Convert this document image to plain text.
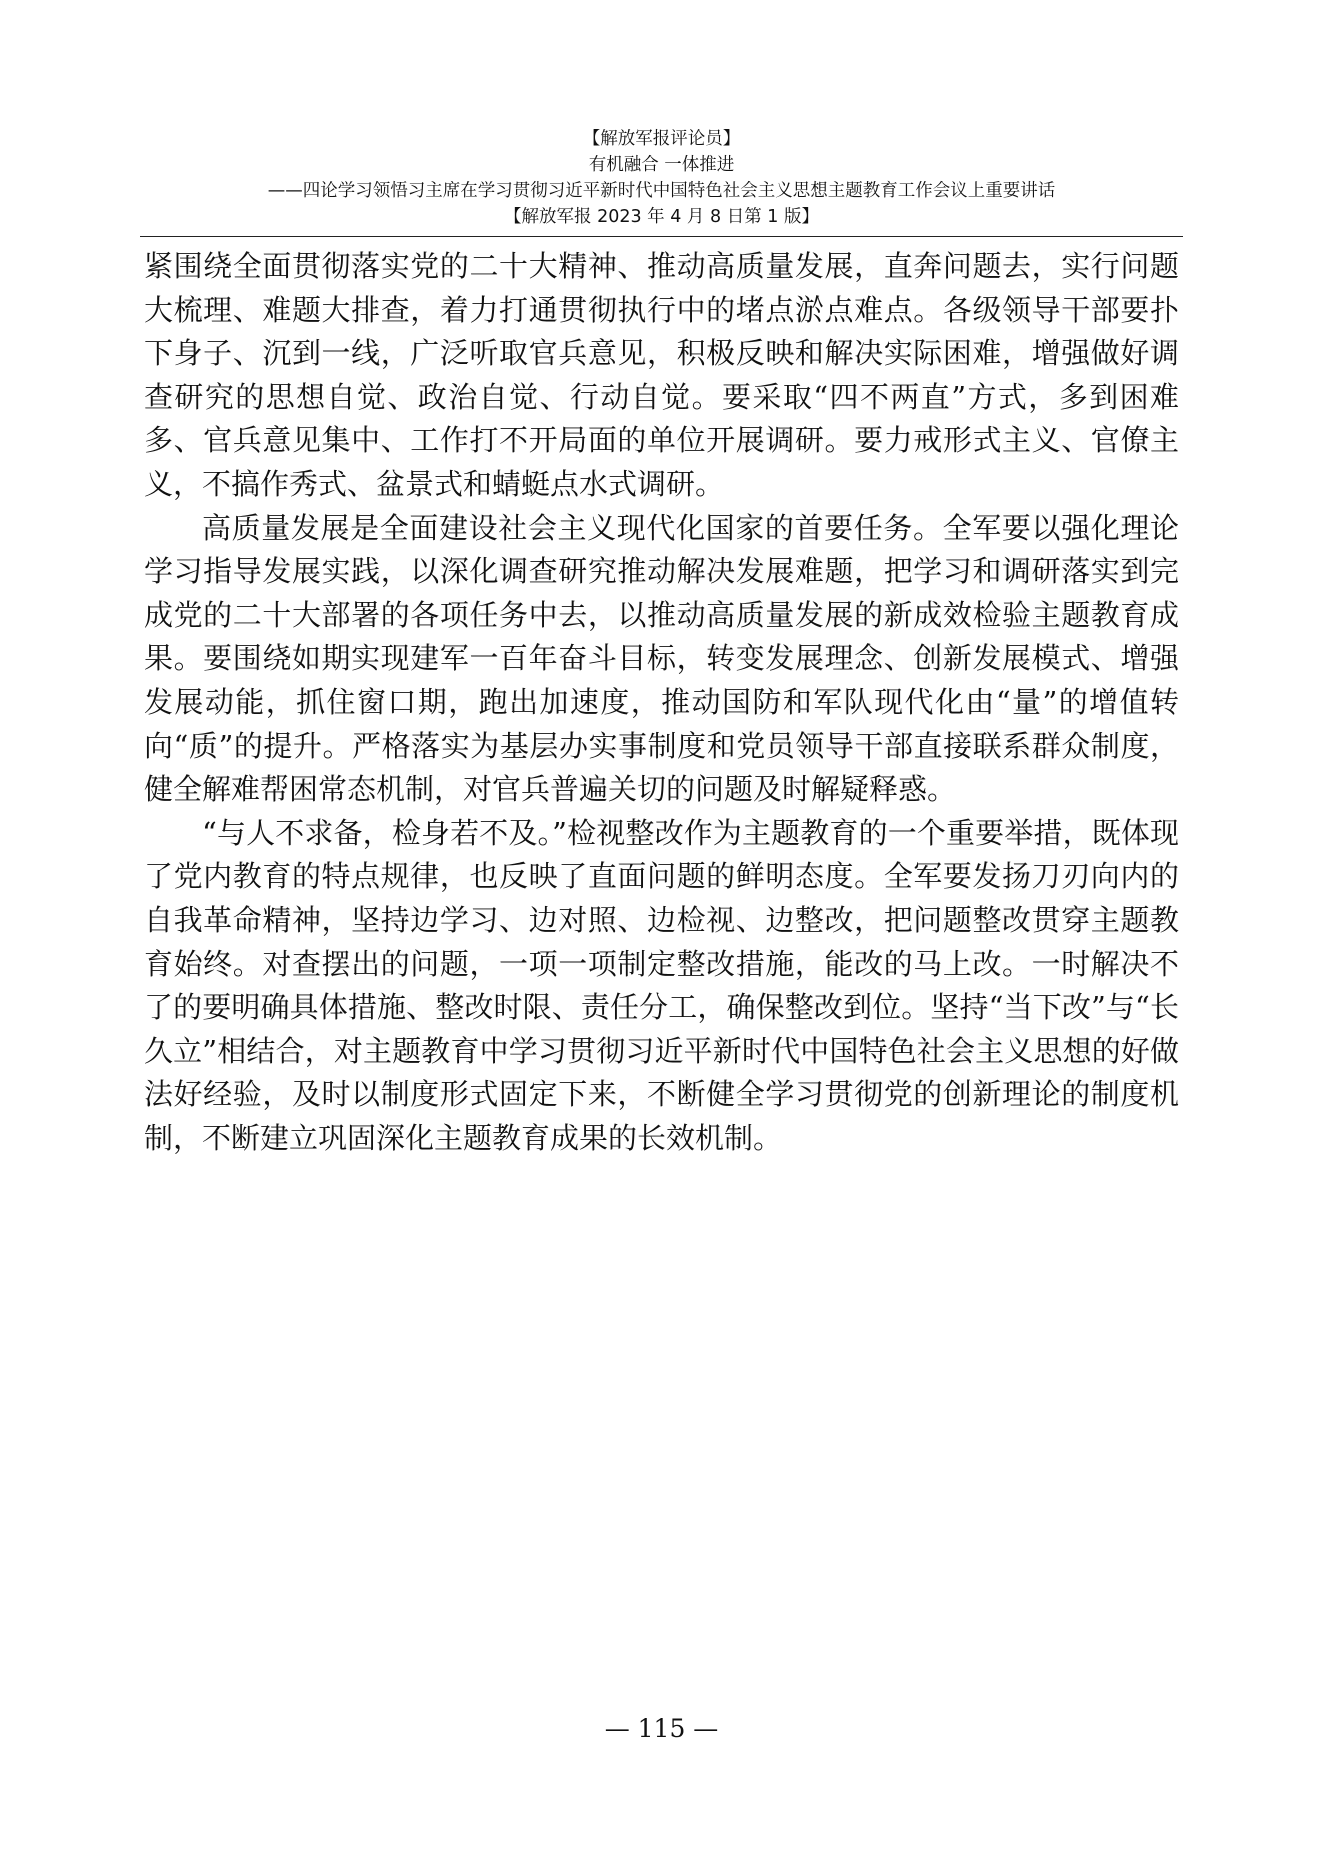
【解放军报评论员】
有机融合 一体推进
——四论学习领悟习主席在学习贯彻习近平新时代中国特色社会主义思想主题教育工作会议上重要讲话
【解放军报 2023 年 4 月 8 日第 1 版】

紧围绕全面贯彻落实党的二十大精神、推动高质量发展，直奔问题去，实行问题大梳理、难题大排查，着力打通贯彻执行中的堵点淤点难点。各级领导干部要扑下身子、沉到一线，广泛听取官兵意见，积极反映和解决实际困难，增强做好调查研究的思想自觉、政治自觉、行动自觉。要采取“四不两直”方式，多到困难多、官兵意见集中、工作打不开局面的单位开展调研。要力戒形式主义、官僚主义，不搞作秀式、盆景式和蜻蜓点水式调研。

高质量发展是全面建设社会主义现代化国家的首要任务。全军要以强化理论学习指导发展实践，以深化调查研究推动解决发展难题，把学习和调研落实到完成党的二十大部署的各项任务中去，以推动高质量发展的新成效检验主题教育成果。要围绕如期实现建军一百年奋斗目标，转变发展理念、创新发展模式、增强发展动能，抓住窗口期，跑出加速度，推动国防和军队现代化由“量”的增值转向“质”的提升。严格落实为基层办实事制度和党员领导干部直接联系群众制度，健全解难帮困常态机制，对官兵普遍关切的问题及时解疑释惑。

“与人不求备，检身若不及。”检视整改作为主题教育的一个重要举措，既体现了党内教育的特点规律，也反映了直面问题的鲜明态度。全军要发扬刀刃向内的自我革命精神，坚持边学习、边对照、边检视、边整改，把问题整改贯穿主题教育始终。对查摆出的问题，一项一项制定整改措施，能改的马上改。一时解决不了的要明确具体措施、整改时限、责任分工，确保整改到位。坚持“当下改”与“长久立”相结合，对主题教育中学习贯彻习近平新时代中国特色社会主义思想的好做法好经验，及时以制度形式固定下来，不断健全学习贯彻党的创新理论的制度机制，不断建立巩固深化主题教育成果的长效机制。

— 115 —
